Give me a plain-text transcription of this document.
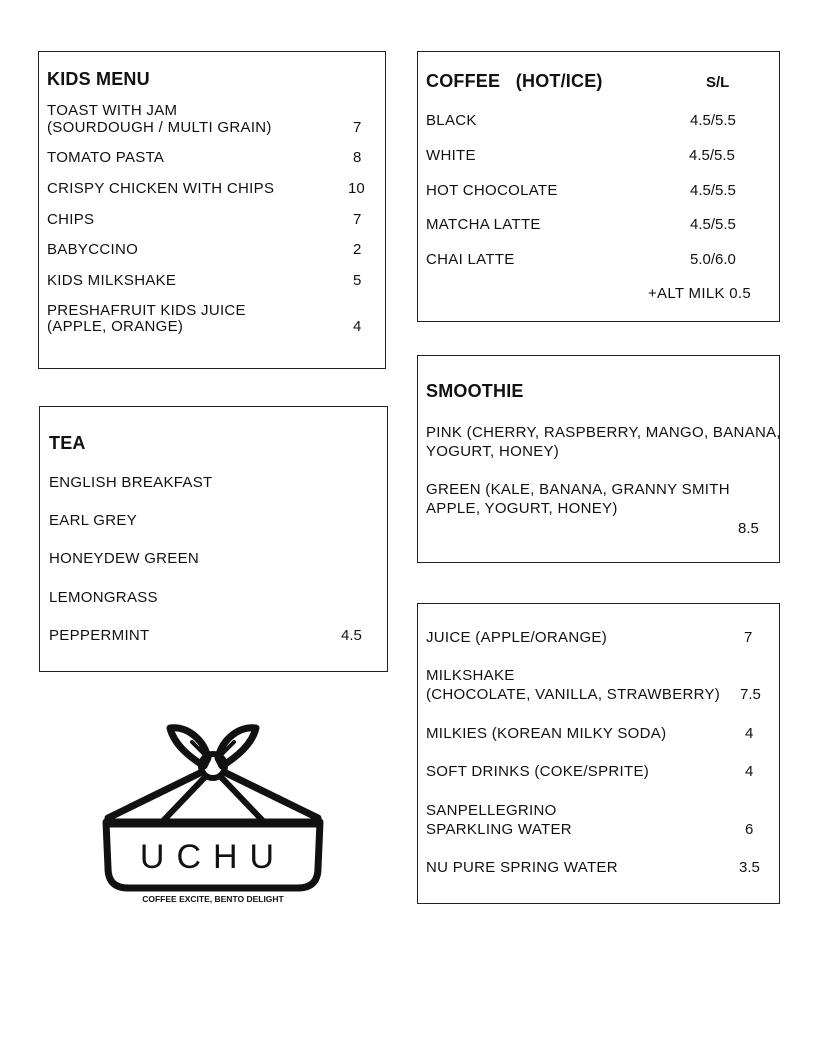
KIDS MENU
TOAST WITH JAM
(SOURDOUGH / MULTI GRAIN)	7
TOMATO PASTA	8
CRISPY CHICKEN WITH CHIPS	10
CHIPS	7
BABYCCINO	2
KIDS MILKSHAKE	5
PRESHAFRUIT KIDS JUICE
(APPLE, ORANGE)	4
TEA
ENGLISH BREAKFAST
EARL GREY
HONEYDEW GREEN
LEMONGRASS
PEPPERMINT	4.5
COFFEE   (HOT/ICE)	S/L
BLACK	4.5/5.5
WHITE	4.5/5.5
HOT CHOCOLATE	4.5/5.5
MATCHA LATTE	4.5/5.5
CHAI LATTE	5.0/6.0
+ALT MILK 0.5
SMOOTHIE
PINK (CHERRY, RASPBERRY, MANGO, BANANA,
YOGURT, HONEY)
GREEN (KALE, BANANA, GRANNY SMITH
APPLE, YOGURT, HONEY)
8.5
JUICE (APPLE/ORANGE)	7
MILKSHAKE
(CHOCOLATE, VANILLA, STRAWBERRY) 7.5
MILKIES (KOREAN MILKY SODA)	4
SOFT DRINKS (COKE/SPRITE)	4
SANPELLEGRINO
SPARKLING WATER	6
NU PURE SPRING WATER	3.5
UCHU
COFFEE EXCITE, BENTO DELIGHT
